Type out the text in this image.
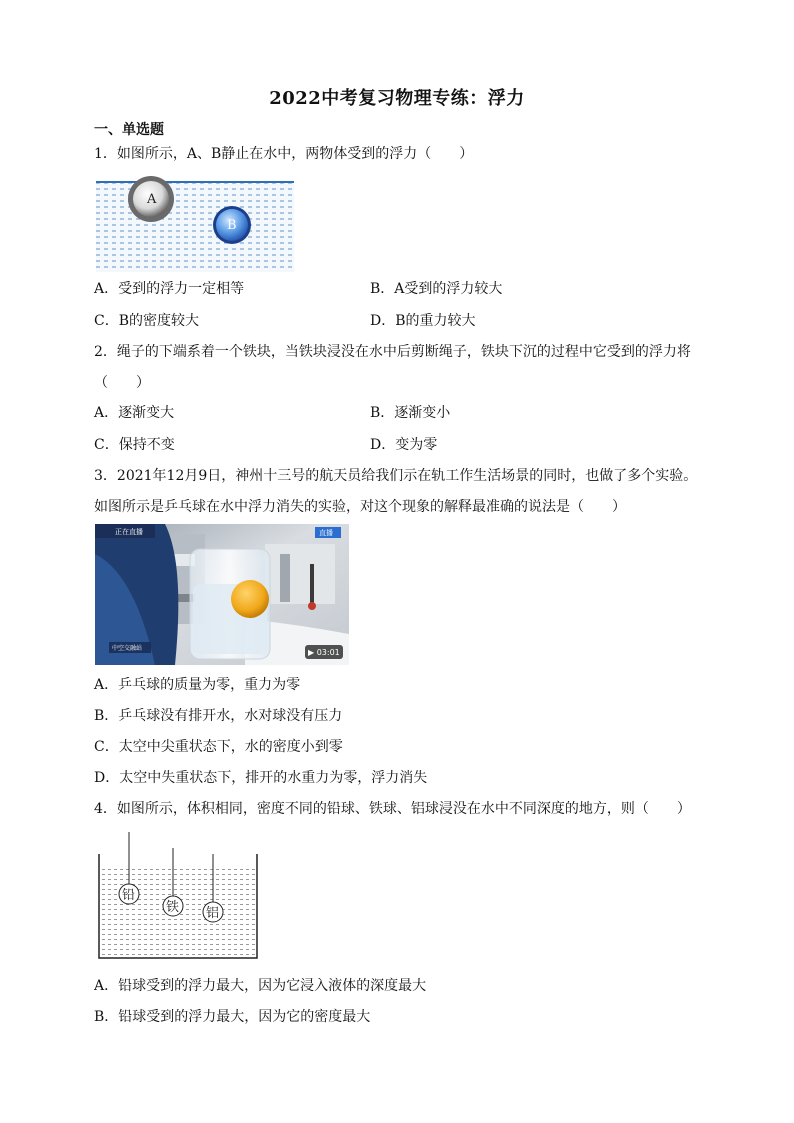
2022中考复习物理专练：浮力
一、单选题
1．如图所示，A、B静止在水中，两物体受到的浮力（　　）
A
B
A．受到的浮力一定相等	B．A受到的浮力较大
C．B的密度较大	D．B的重力较大
2．绳子的下端系着一个铁块，当铁块浸没在水中后剪断绳子，铁块下沉的过程中它受到的浮力将
（　　）
A．逐渐变大	B．逐渐变小
C．保持不变	D．变为零
3．2021年12月9日，神州十三号的航天员给我们示在轨工作生活场景的同时，也做了多个实验。
如图所示是乒乓球在水中浮力消失的实验，对这个现象的解释最准确的说法是（　　）
正在直播	直播
中空交融站	▶ 03:01
A．乒乓球的质量为零，重力为零
B．乒乓球没有排开水，水对球没有压力
C．太空中尖重状态下，水的密度小到零
D．太空中失重状态下，排开的水重力为零，浮力消失
4．如图所示，体积相同，密度不同的铅球、铁球、铝球浸没在水中不同深度的地方，则（　　）
铅
铁 铝
A．铅球受到的浮力最大，因为它浸入液体的深度最大
B．铅球受到的浮力最大，因为它的密度最大
